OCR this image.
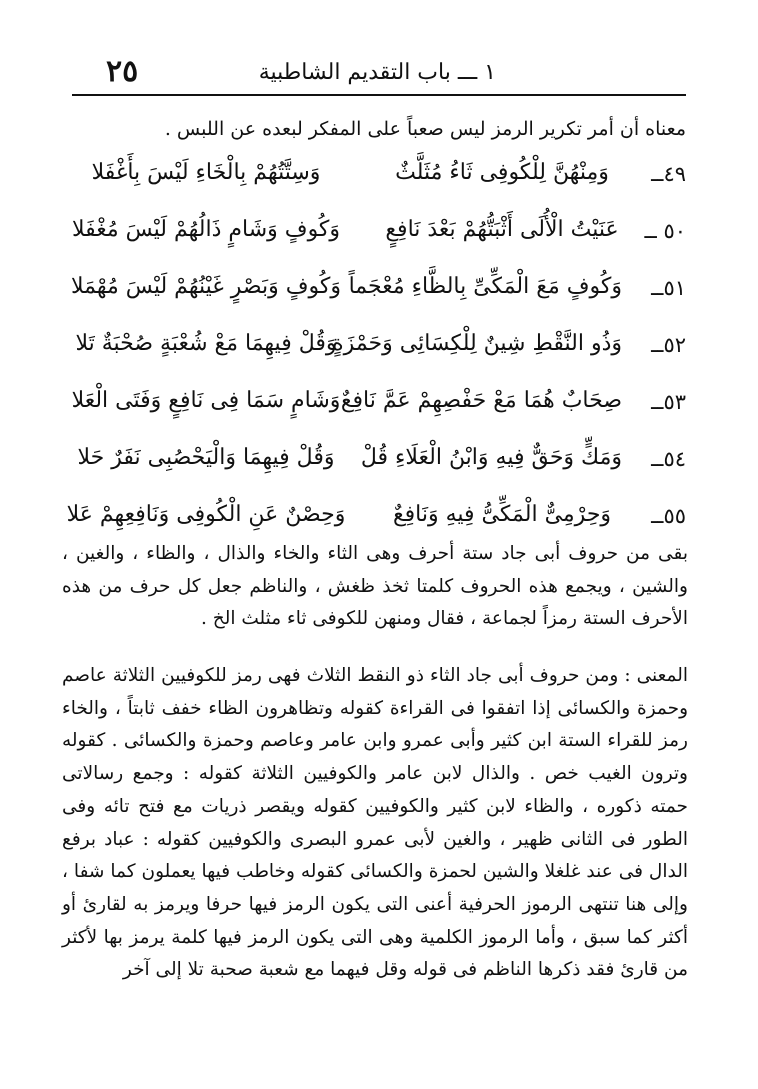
٢٥	١ ـــ باب التقديم الشاطبية
معناه أن أمر تكرير الرمز ليس صعباً على المفكر لبعده عن اللبس .
٤٩ــ
وَمِنْهُنَّ لِلْكُوفِى ثَاءُ مُثَلَّثٌ
وَسِتَّتُهُمْ بِالْخَاءِ لَيْسَ بِأَغْفَلا
٥٠ ــ
عَنَيْتُ الْأُلَى أَثْبَتُّهُمْ بَعْدَ نَافِعٍ
وَكُوفٍ وَشَامٍ ذَالُهُمْ لَيْسَ مُغْفَلا
٥١ــ
وَكُوفٍ مَعَ الْمَكِّىِّ بِالظَّاءِ مُعْجَماً
وَكُوفٍ وَبَصْرٍ غَيْنُهُمْ لَيْسَ مُهْمَلا
٥٢ــ
وَذُو النَّقْطِ شِينٌ لِلْكِسَائِى وَحَمْزَةٍ
وَقُلْ فِيهِمَا مَعْ شُعْبَةٍ صُحْبَةٌ تَلا
٥٣ــ
صِحَابٌ هُمَا مَعْ حَفْصِهِمْ عَمَّ نَافِعٌ
وَشَامٍ سَمَا فِى نَافِعٍ وَفَتَى الْعَلا
٥٤ــ
وَمَكٍّ وَحَقٌّ فِيهِ وَابْنُ الْعَلَاءِ قُلْ
وَقُلْ فِيهِمَا وَالْيَحْصُبِى نَفَرٌ حَلا
٥٥ــ
وَحِرْمِىٌّ الْمَكِّىُّ فِيهِ وَنَافِعٌ
وَحِصْنٌ عَنِ الْكُوفِى وَنَافِعِهِمْ عَلا

بقى من حروف أبى جاد ستة أحرف وهى الثاء والخاء والذال ، والظاء ، والغين ، والشين ، ويجمع هذه الحروف كلمتا ثخذ ظغش ، والناظم جعل كل حرف من هذه الأحرف الستة رمزاً لجماعة ، فقال ومنهن للكوفى ثاء مثلث الخ .

المعنى : ومن حروف أبى جاد الثاء ذو النقط الثلاث فهى رمز للكوفيين الثلاثة عاصم وحمزة والكسائى إذا اتفقوا فى القراءة كقوله وتظاهرون الظاء خفف ثابتاً ، والخاء رمز للقراء الستة ابن كثير وأبى عمرو وابن عامر وعاصم وحمزة والكسائى . كقوله وترون الغيب خص . والذال لابن عامر والكوفيين الثلاثة كقوله : وجمع رسالاتى حمته ذكوره ، والظاء لابن كثير والكوفيين كقوله ويقصر ذريات مع فتح تائه وفى الطور فى الثانى ظهير ، والغين لأبى عمرو البصرى والكوفيين كقوله : عباد برفع الدال فى عند غلغلا والشين لحمزة والكسائى كقوله وخاطب فيها يعملون كما شفا ، وإلى هنا تنتهى الرموز الحرفية أعنى التى يكون الرمز فيها حرفا ويرمز به لقارئ أو أكثر كما سبق ، وأما الرموز الكلمية وهى التى يكون الرمز فيها كلمة يرمز بها لأكثر من قارئ فقد ذكرها الناظم فى قوله وقل فيهما مع شعبة صحبة تلا إلى آخر
